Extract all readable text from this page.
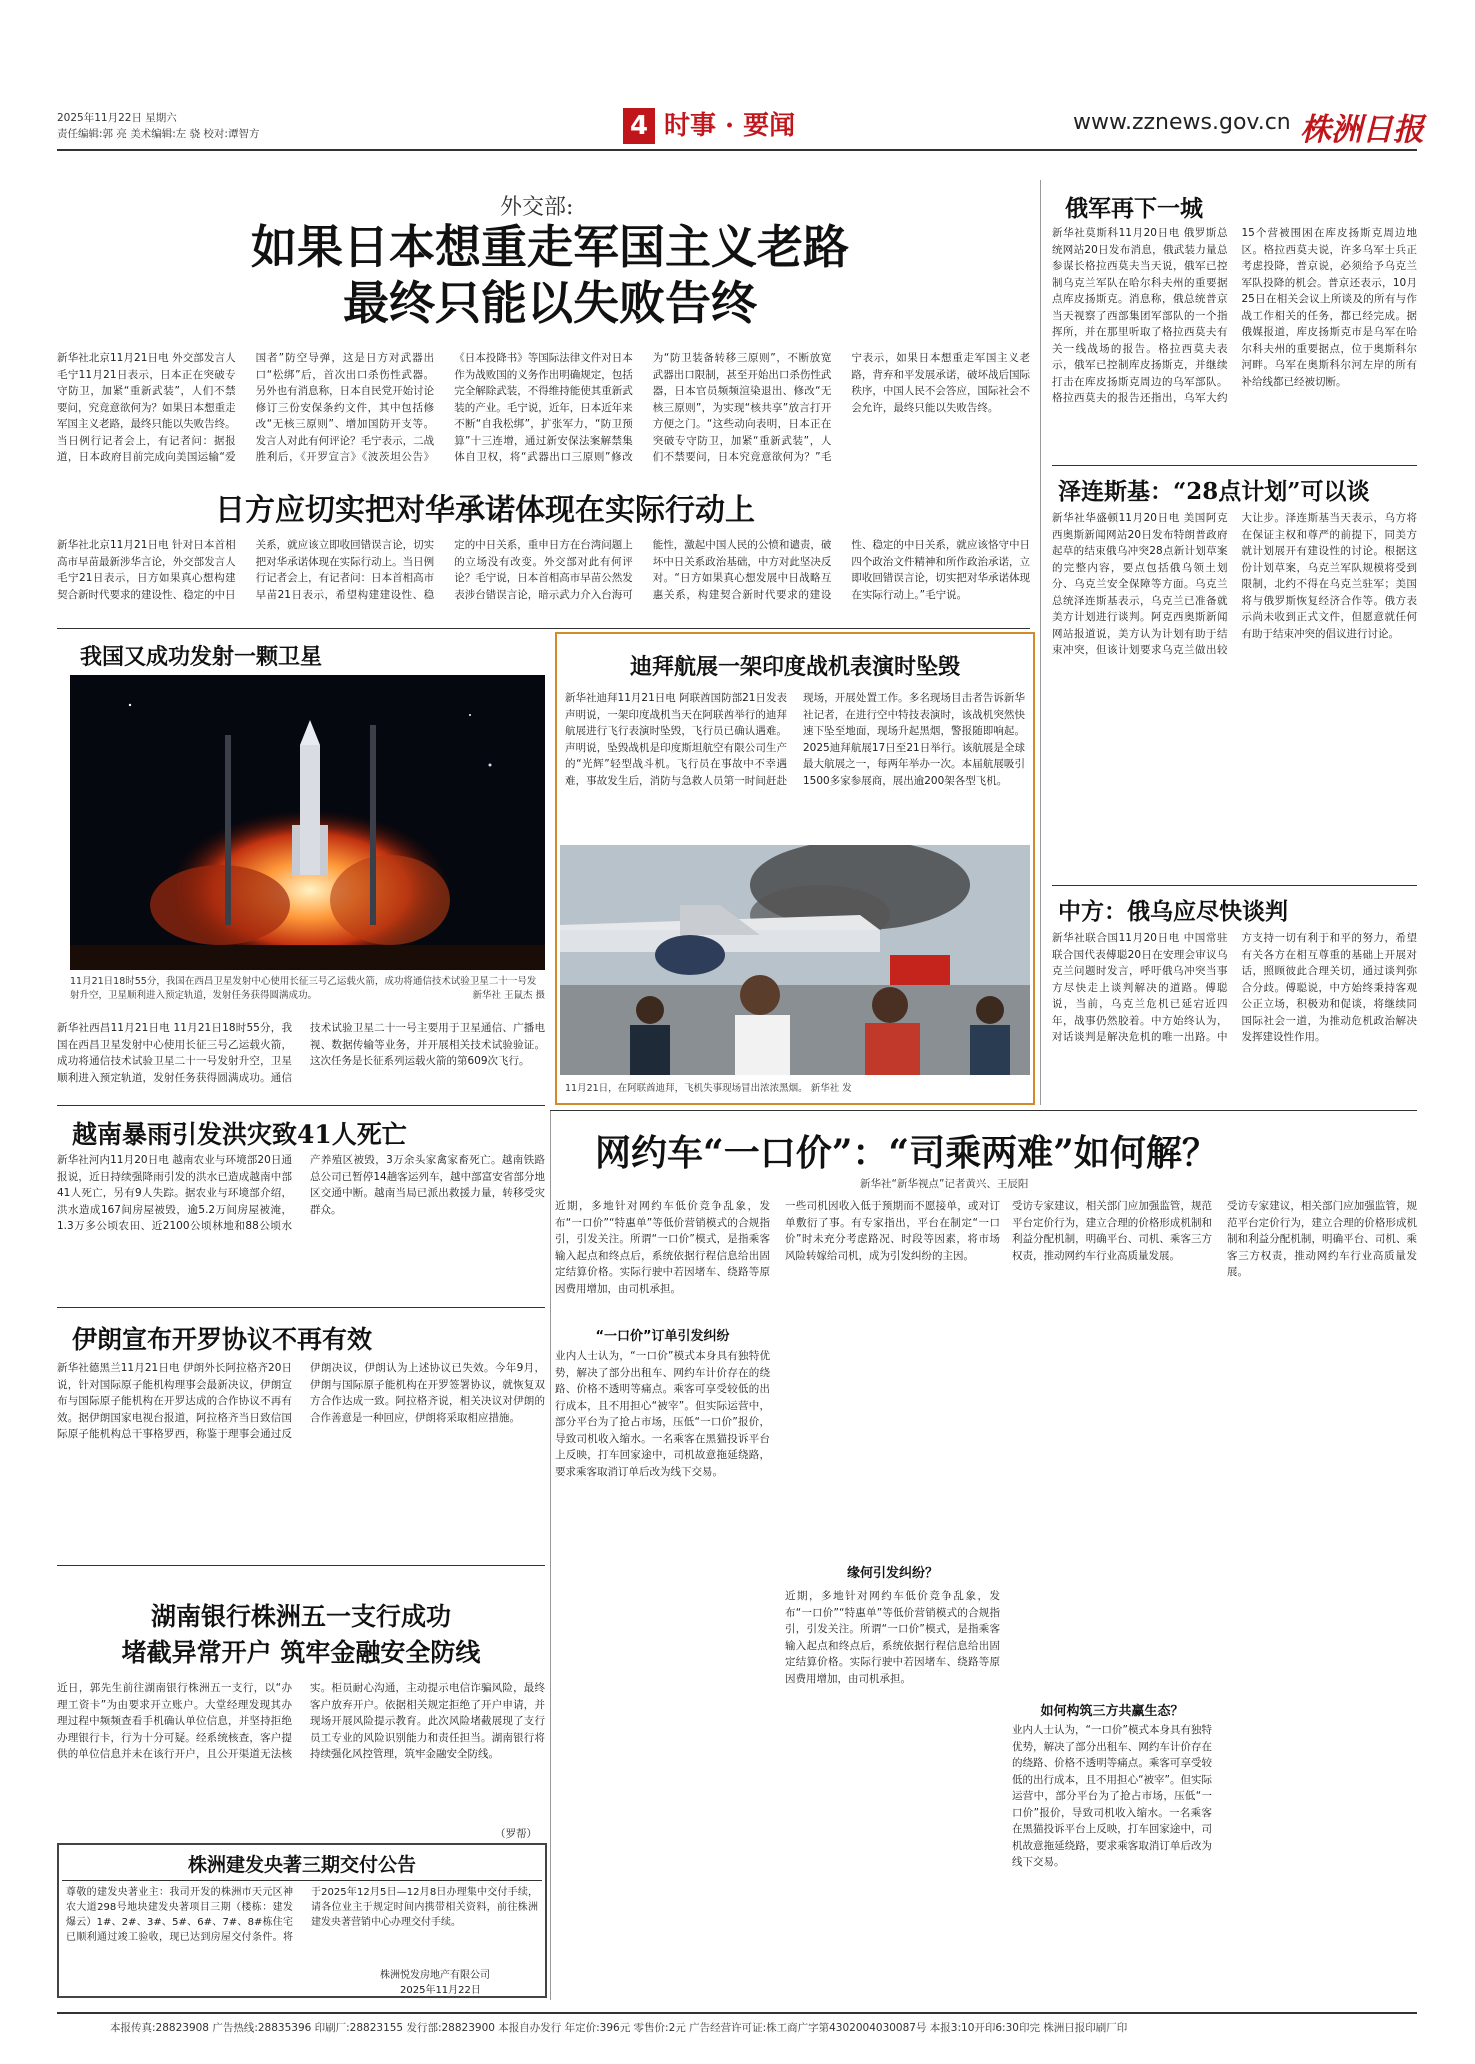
2025年11月22日 星期六
责任编辑:郭 亮 美术编辑:左 骁 校对:谭智方	4 时事 · 要闻	www.zznews.gov.cn 株洲日报
外交部:
如果日本想重走军国主义老路
最终只能以失败告终
新华社北京11月21日电 外交部发言人毛宁11月21日表示，日本正在突破专守防卫，加紧“重新武装”，人们不禁要问，究竟意欲何为？如果日本想重走军国主义老路，最终只能以失败告终。当日例行记者会上，有记者问：据报道，日本政府目前完成向美国运输“爱国者”防空导弹，这是日方对武器出口“松绑”后，首次出口杀伤性武器。另外也有消息称，日本自民党开始讨论修订三份安保条约文件，其中包括修改“无核三原则”、增加国防开支等。发言人对此有何评论？毛宁表示，二战胜利后，《开罗宣言》《波茨坦公告》《日本投降书》等国际法律文件对日本作为战败国的义务作出明确规定，包括完全解除武装，不得维持能使其重新武装的产业。毛宁说，近年，日本近年来不断“自我松绑”，扩张军力，“防卫预算”十三连增，通过新安保法案解禁集体自卫权，将“武器出口三原则”修改为“防卫装备转移三原则”，不断放宽武器出口限制，甚至开始出口杀伤性武器，日本官员频频渲染退出、修改“无核三原则”，为实现“核共享”放言打开方便之门。“这些动向表明，日本正在突破专守防卫，加紧“重新武装”，人们不禁要问，日本究竟意欲何为？”毛宁表示，如果日本想重走军国主义老路，背弃和平发展承诺，破坏战后国际秩序，中国人民不会答应，国际社会不会允许，最终只能以失败告终。
日方应切实把对华承诺体现在实际行动上
新华社北京11月21日电 针对日本首相高市早苗最新涉华言论，外交部发言人毛宁21日表示，日方如果真心想构建契合新时代要求的建设性、稳定的中日关系，就应该立即收回错误言论，切实把对华承诺体现在实际行动上。当日例行记者会上，有记者问：日本首相高市早苗21日表示，希望构建建设性、稳定的中日关系，重申日方在台湾问题上的立场没有改变。外交部对此有何评论？毛宁说，日本首相高市早苗公然发表涉台错误言论，暗示武力介入台海可能性，激起中国人民的公愤和谴责，破坏中日关系政治基础，中方对此坚决反对。“日方如果真心想发展中日战略互惠关系，构建契合新时代要求的建设性、稳定的中日关系，就应该恪守中日四个政治文件精神和所作政治承诺，立即收回错误言论，切实把对华承诺体现在实际行动上。”毛宁说。
我国又成功发射一颗卫星
11月21日18时55分，我国在西昌卫星发射中心使用长征三号乙运载火箭，成功将通信技术试验卫星二十一号发射升空，卫星顺利进入预定轨道，发射任务获得圆满成功。	新华社 王鼠杰 摄
新华社西昌11月21日电 11月21日18时55分，我国在西昌卫星发射中心使用长征三号乙运载火箭，成功将通信技术试验卫星二十一号发射升空，卫星顺利进入预定轨道，发射任务获得圆满成功。通信技术试验卫星二十一号主要用于卫星通信、广播电视、数据传输等业务，并开展相关技术试验验证。这次任务是长征系列运载火箭的第609次飞行。
越南暴雨引发洪灾致41人死亡
新华社河内11月20日电 越南农业与环境部20日通报说，近日持续强降雨引发的洪水已造成越南中部41人死亡，另有9人失踪。据农业与环境部介绍，洪水造成167间房屋被毁，逾5.2万间房屋被淹，1.3万多公顷农田、近2100公顷林地和88公顷水产养殖区被毁，3万余头家禽家畜死亡。越南铁路总公司已暂停14趟客运列车，越中部富安省部分地区交通中断。越南当局已派出救援力量，转移受灾群众。
伊朗宣布开罗协议不再有效
新华社德黑兰11月21日电 伊朗外长阿拉格齐20日说，针对国际原子能机构理事会最新决议，伊朗宣布与国际原子能机构在开罗达成的合作协议不再有效。据伊朗国家电视台报道，阿拉格齐当日致信国际原子能机构总干事格罗西，称鉴于理事会通过反伊朗决议，伊朗认为上述协议已失效。今年9月，伊朗与国际原子能机构在开罗签署协议，就恢复双方合作达成一致。阿拉格齐说，相关决议对伊朗的合作善意是一种回应，伊朗将采取相应措施。
湖南银行株洲五一支行成功
堵截异常开户 筑牢金融安全防线
近日，郭先生前往湖南银行株洲五一支行，以“办理工资卡”为由要求开立账户。大堂经理发现其办理过程中频频查看手机确认单位信息，并坚持拒绝办理银行卡，行为十分可疑。经系统核查，客户提供的单位信息并未在该行开户，且公开渠道无法核实。柜员耐心沟通，主动提示电信诈骗风险，最终客户放弃开户。依据相关规定拒绝了开户申请，并现场开展风险提示教育。此次风险堵截展现了支行员工专业的风险识别能力和责任担当。湖南银行将持续强化风控管理，筑牢金融安全防线。
（罗帮）
株洲建发央著三期交付公告
尊敬的建发央著业主：我司开发的株洲市天元区神农大道298号地块建发央著项目三期（楼栋：建发爆云）1#、2#、3#、5#、6#、7#、8#栋住宅已顺利通过竣工验收，现已达到房屋交付条件。将于2025年12月5日—12月8日办理集中交付手续，请各位业主于规定时间内携带相关资料，前往株洲建发央著营销中心办理交付手续。
株洲悦发房地产有限公司
2025年11月22日
迪拜航展一架印度战机表演时坠毁
新华社迪拜11月21日电 阿联酋国防部21日发表声明说，一架印度战机当天在阿联酋举行的迪拜航展进行飞行表演时坠毁，飞行员已确认遇难。声明说，坠毁战机是印度斯坦航空有限公司生产的“光辉”轻型战斗机。飞行员在事故中不幸遇难，事故发生后，消防与急救人员第一时间赶赴现场，开展处置工作。多名现场目击者告诉新华社记者，在进行空中特技表演时，该战机突然快速下坠至地面，现场升起黑烟，警报随即响起。2025迪拜航展17日至21日举行。该航展是全球最大航展之一，每两年举办一次。本届航展吸引1500多家参展商，展出逾200架各型飞机。
11月21日，在阿联酋迪拜，飞机失事现场冒出浓浓黑烟。 新华社 发
网约车“一口价”：“司乘两难”如何解？
新华社“新华视点”记者黄兴、王辰阳
近期，多地针对网约车低价竞争乱象，发布“一口价”“特惠单”等低价营销模式的合规指引，引发关注。所谓“一口价”模式，是指乘客输入起点和终点后，系统依据行程信息给出固定结算价格。实际行驶中若因堵车、绕路等原因费用增加，由司机承担。
“一口价”订单引发纠纷
业内人士认为，“一口价”模式本身具有独特优势，解决了部分出租车、网约车计价存在的绕路、价格不透明等痛点。乘客可享受较低的出行成本，且不用担心“被宰”。但实际运营中，部分平台为了抢占市场，压低“一口价”报价，导致司机收入缩水。一名乘客在黑猫投诉平台上反映，打车回家途中，司机故意拖延绕路，要求乘客取消订单后改为线下交易。
缘何引发纠纷？
一些司机因收入低于预期而不愿接单，或对订单敷衍了事。有专家指出，平台在制定“一口价”时未充分考虑路况、时段等因素，将市场风险转嫁给司机，成为引发纠纷的主因。
近期，多地针对网约车低价竞争乱象，发布“一口价”“特惠单”等低价营销模式的合规指引，引发关注。所谓“一口价”模式，是指乘客输入起点和终点后，系统依据行程信息给出固定结算价格。实际行驶中若因堵车、绕路等原因费用增加，由司机承担。
如何构筑三方共赢生态？
受访专家建议，相关部门应加强监管，规范平台定价行为，建立合理的价格形成机制和利益分配机制，明确平台、司机、乘客三方权责，推动网约车行业高质量发展。
业内人士认为，“一口价”模式本身具有独特优势，解决了部分出租车、网约车计价存在的绕路、价格不透明等痛点。乘客可享受较低的出行成本，且不用担心“被宰”。但实际运营中，部分平台为了抢占市场，压低“一口价”报价，导致司机收入缩水。一名乘客在黑猫投诉平台上反映，打车回家途中，司机故意拖延绕路，要求乘客取消订单后改为线下交易。
受访专家建议，相关部门应加强监管，规范平台定价行为，建立合理的价格形成机制和利益分配机制，明确平台、司机、乘客三方权责，推动网约车行业高质量发展。
俄军再下一城
新华社莫斯科11月20日电 俄罗斯总统网站20日发布消息，俄武装力量总参谋长格拉西莫夫当天说，俄军已控制乌克兰军队在哈尔科夫州的重要据点库皮扬斯克。消息称，俄总统普京当天视察了西部集团军部队的一个指挥所，并在那里听取了格拉西莫夫有关一线战场的报告。格拉西莫夫表示，俄军已控制库皮扬斯克，并继续打击在库皮扬斯克周边的乌军部队。格拉西莫夫的报告还指出，乌军大约15个营被围困在库皮扬斯克周边地区。格拉西莫夫说，许多乌军士兵正考虑投降，普京说，必须给予乌克兰军队投降的机会。普京还表示，10月25日在相关会议上所谈及的所有与作战工作相关的任务，都已经完成。据俄媒报道，库皮扬斯克市是乌军在哈尔科夫州的重要据点，位于奥斯科尔河畔。乌军在奥斯科尔河左岸的所有补给线都已经被切断。
泽连斯基：“28点计划”可以谈
新华社华盛顿11月20日电 美国阿克西奥斯新闻网站20日发布特朗普政府起草的结束俄乌冲突28点新计划草案的完整内容，要点包括俄乌领土划分、乌克兰安全保障等方面。乌克兰总统泽连斯基表示，乌克兰已准备就美方计划进行谈判。阿克西奥斯新闻网站报道说，美方认为计划有助于结束冲突，但该计划要求乌克兰做出较大让步。泽连斯基当天表示，乌方将在保证主权和尊严的前提下，同美方就计划展开有建设性的讨论。根据这份计划草案，乌克兰军队规模将受到限制，北约不得在乌克兰驻军；美国将与俄罗斯恢复经济合作等。俄方表示尚未收到正式文件，但愿意就任何有助于结束冲突的倡议进行讨论。
中方：俄乌应尽快谈判
新华社联合国11月20日电 中国常驻联合国代表傅聪20日在安理会审议乌克兰问题时发言，呼吁俄乌冲突当事方尽快走上谈判解决的道路。傅聪说，当前，乌克兰危机已延宕近四年，战事仍然胶着。中方始终认为，对话谈判是解决危机的唯一出路。中方支持一切有利于和平的努力，希望有关各方在相互尊重的基础上开展对话，照顾彼此合理关切，通过谈判弥合分歧。傅聪说，中方始终秉持客观公正立场，积极劝和促谈，将继续同国际社会一道，为推动危机政治解决发挥建设性作用。
本报传真:28823908 广告热线:28835396 印刷厂:28823155 发行部:28823900 本报自办发行 年定价:396元 零售价:2元 广告经营许可证:株工商广字第4302004030087号 本报3:10开印6:30印完 株洲日报印刷厂印
